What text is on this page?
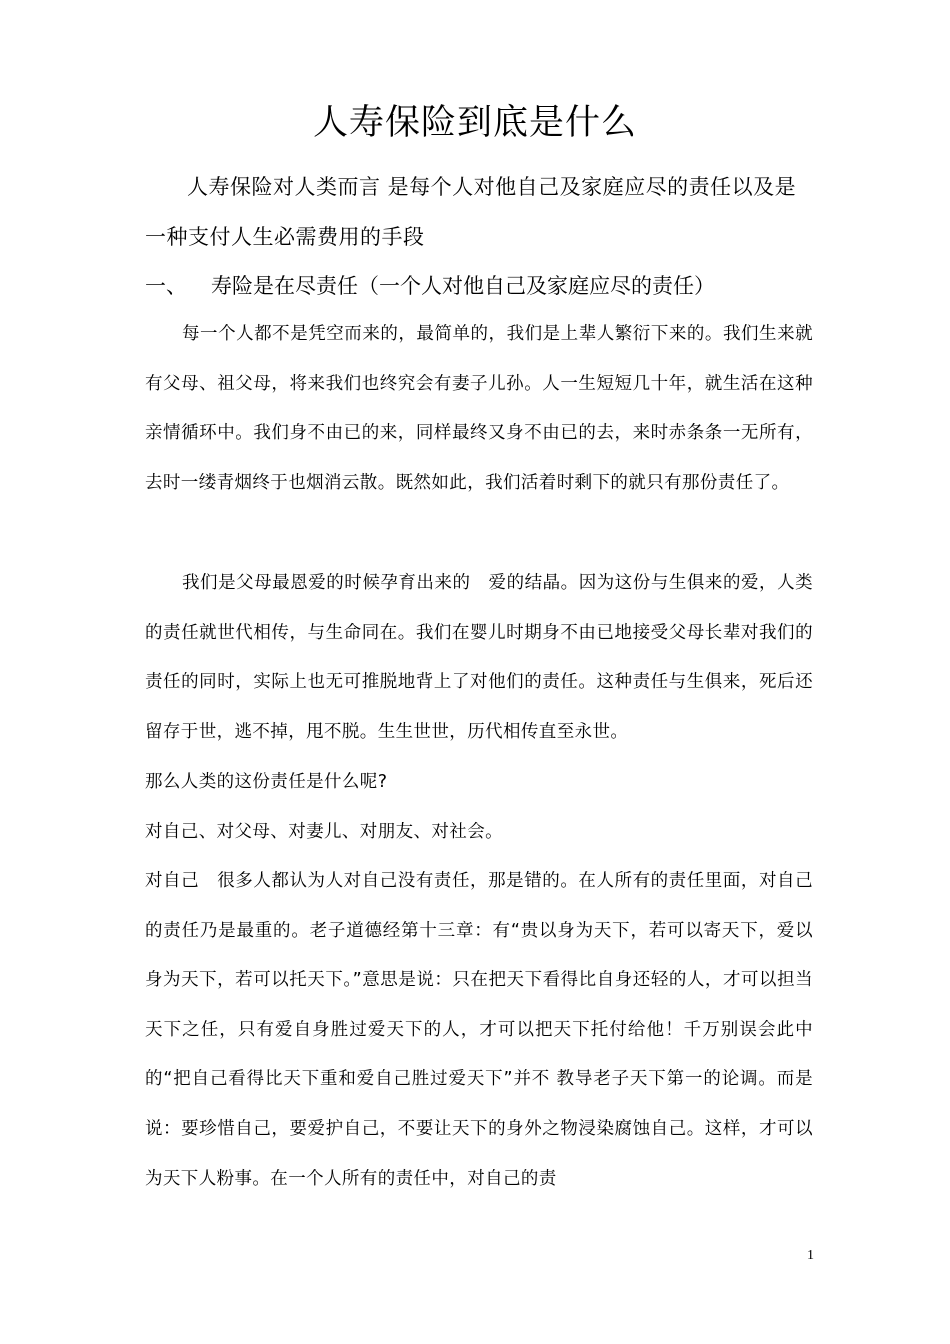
人寿保险到底是什么
人寿保险对人类而言 是每个人对他自己及家庭应尽的责任以及是一种支付人生必需费用的手段
一、 寿险是在尽责任（一个人对他自己及家庭应尽的责任）
每一个人都不是凭空而来的，最简单的，我们是上辈人繁衍下来的。我们生来就有父母、祖父母，将来我们也终究会有妻子儿孙。人一生短短几十年，就生活在这种亲情循环中。我们身不由已的来，同样最终又身不由已的去，来时赤条条一无所有，去时一缕青烟终于也烟消云散。既然如此，我们活着时剩下的就只有那份责任了。
我们是父母最恩爱的时候孕育出来的　爱的结晶。因为这份与生俱来的爱，人类的责任就世代相传，与生命同在。我们在婴儿时期身不由已地接受父母长辈对我们的责任的同时，实际上也无可推脱地背上了对他们的责任。这种责任与生俱来，死后还留存于世，逃不掉，甩不脱。生生世世，历代相传直至永世。
那么人类的这份责任是什么呢?
对自己、对父母、对妻儿、对朋友、对社会。
对自己　很多人都认为人对自己没有责任，那是错的。在人所有的责任里面，对自己的责任乃是最重的。老子道德经第十三章：有“贵以身为天下，若可以寄天下，爱以身为天下，若可以托天下。”意思是说：只在把天下看得比自身还轻的人，才可以担当天下之任，只有爱自身胜过爱天下的人，才可以把天下托付给他！千万别误会此中的“把自己看得比天下重和爱自己胜过爱天下”并不 教导老子天下第一的论调。而是说：要珍惜自己，要爱护自己，不要让天下的身外之物浸染腐蚀自己。这样，才可以为天下人粉事。在一个人所有的责任中，对自己的责
1
